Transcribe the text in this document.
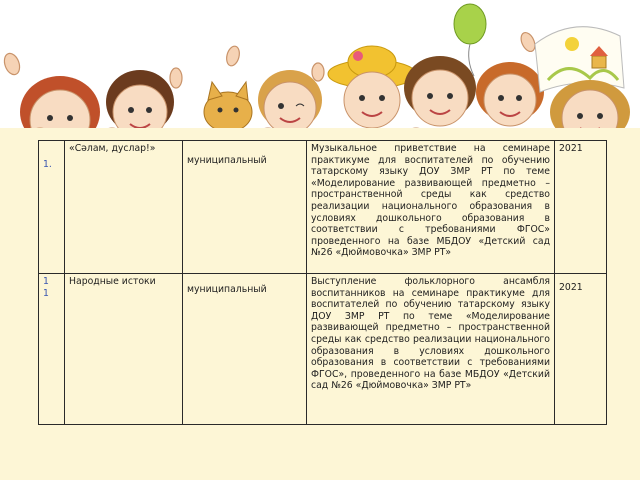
1.	«Сәлам, дуслар!»	муниципальный	Музыкальное приветствие на семинаре практикуме для воспитателей по обучению татарскому языку ДОУ ЗМР РТ по теме «Моделирование развивающей предметно – пространственной среды как средство реализации национального образования в условиях дошкольного образования в соответствии с требованиями ФГОС» проведенного на базе МБДОУ «Детский сад №26 «Дюймовочка» ЗМР РТ»	2021

11	Народные истоки	муниципальный	Выступление фольклорного ансамбля воспитанников на семинаре практикуме для воспитателей по обучению татарскому языку ДОУ ЗМР РТ по теме «Моделирование развивающей предметно – пространственной среды как средство реализации национального образования в условиях дошкольного образования в соответствии с требованиями ФГОС», проведенного на базе МБДОУ «Детский сад №26 «Дюймовочка» ЗМР РТ»	2021
